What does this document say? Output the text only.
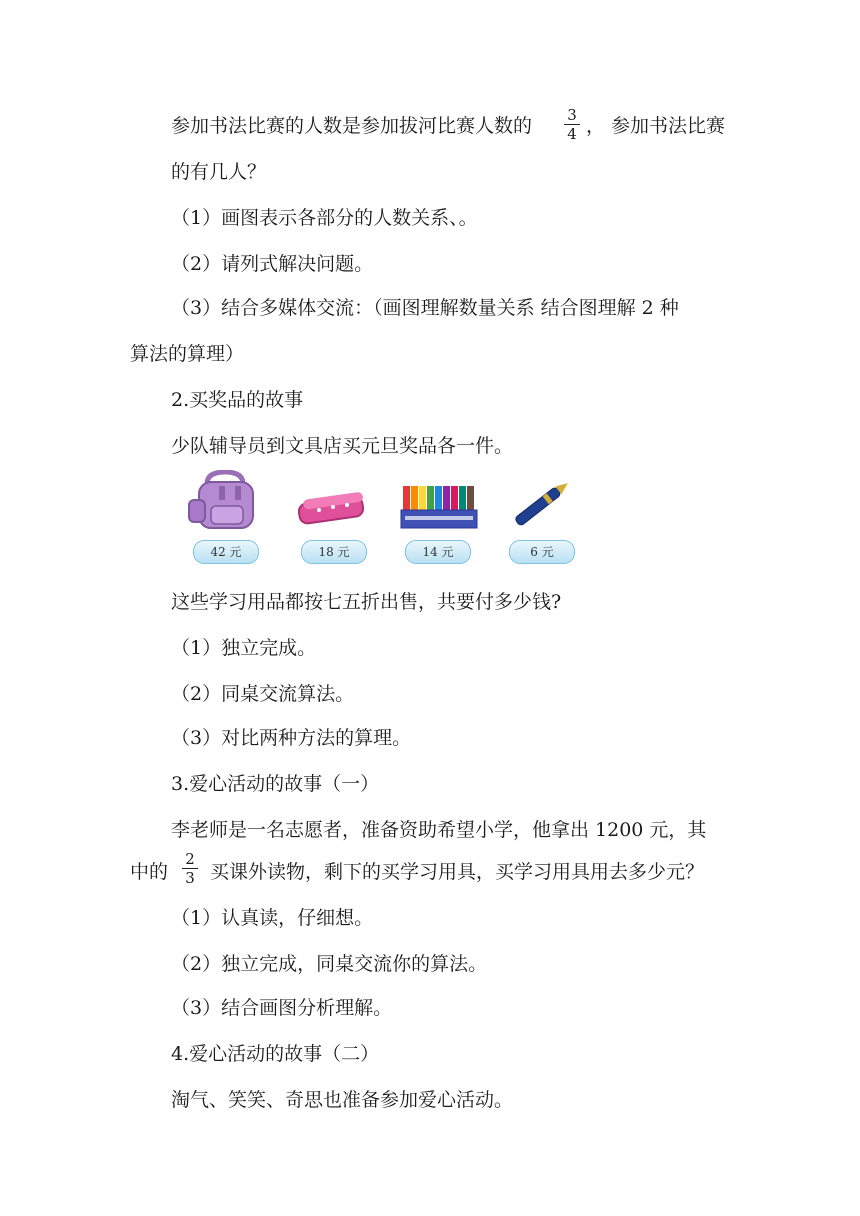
参加书法比赛的人数是参加拔河比赛人数的	3
4 ， 参加书法比赛
的有几人？
（1）画图表示各部分的人数关系、。
（2）请列式解决问题。
（3）结合多媒体交流：（画图理解数量关系 结合图理解 2 种
算法的算理）
2.买奖品的故事
少队辅导员到文具店买元旦奖品各一件。
42 元	18 元	14 元	6 元
这些学习用品都按七五折出售，共要付多少钱?
（1）独立完成。
（2）同桌交流算法。
（3）对比两种方法的算理。
3.爱心活动的故事（一）
李老师是一名志愿者，准备资助希望小学，他拿出 1200 元，其
中的
2
3 买课外读物，剩下的买学习用具，买学习用具用去多少元？
（1）认真读，仔细想。
（2）独立完成，同桌交流你的算法。
（3）结合画图分析理解。
4.爱心活动的故事（二）
淘气、笑笑、奇思也准备参加爱心活动。
